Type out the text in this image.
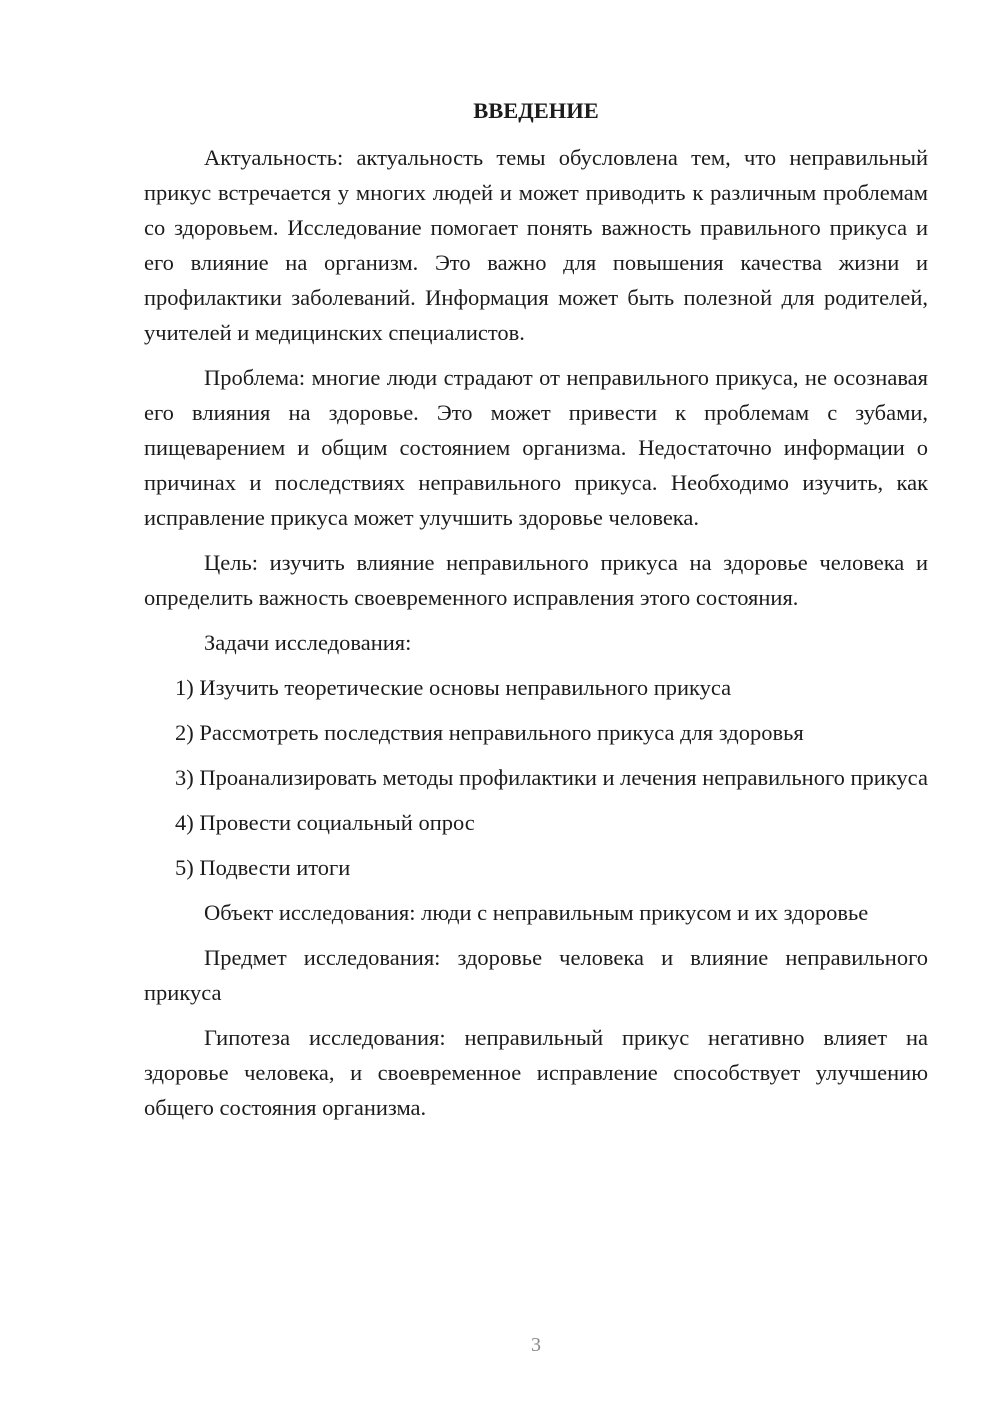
ВВЕДЕНИЕ

Актуальность: актуальность темы обусловлена тем, что неправильный прикус встречается у многих людей и может приводить к различным проблемам со здоровьем. Исследование помогает понять важность правильного прикуса и его влияние на организм. Это важно для повышения качества жизни и профилактики заболеваний. Информация может быть полезной для родителей, учителей и медицинских специалистов.

Проблема: многие люди страдают от неправильного прикуса, не осознавая его влияния на здоровье. Это может привести к проблемам с зубами, пищеварением и общим состоянием организма. Недостаточно информации о причинах и последствиях неправильного прикуса. Необходимо изучить, как исправление прикуса может улучшить здоровье человека.

Цель: изучить влияние неправильного прикуса на здоровье человека и определить важность своевременного исправления этого состояния.

Задачи исследования:

1) Изучить теоретические основы неправильного прикуса

2) Рассмотреть последствия неправильного прикуса для здоровья

3) Проанализировать методы профилактики и лечения неправильного прикуса

4) Провести социальный опрос

5) Подвести итоги

Объект исследования: люди с неправильным прикусом и их здоровье

Предмет исследования: здоровье человека и влияние неправильного прикуса

Гипотеза исследования: неправильный прикус негативно влияет на здоровье человека, и своевременное исправление способствует улучшению общего состояния организма.

3
